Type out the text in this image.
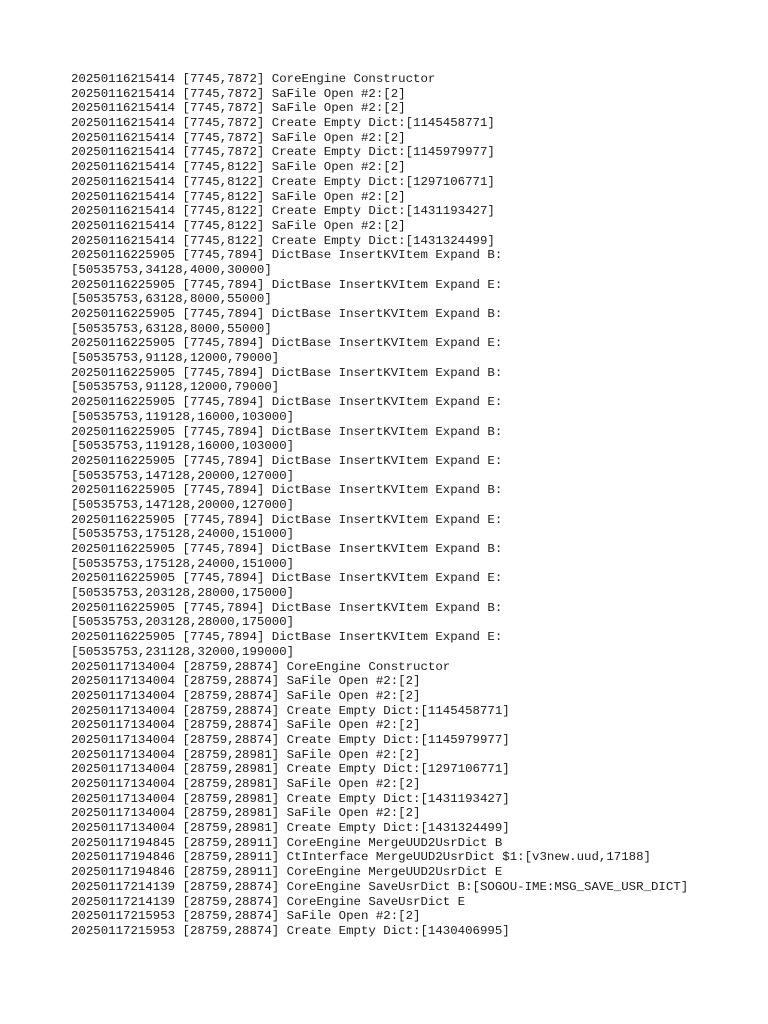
20250116215414 [7745,7872] CoreEngine Constructor
20250116215414 [7745,7872] SaFile Open #2:[2]
20250116215414 [7745,7872] SaFile Open #2:[2]
20250116215414 [7745,7872] Create Empty Dict:[1145458771]
20250116215414 [7745,7872] SaFile Open #2:[2]
20250116215414 [7745,7872] Create Empty Dict:[1145979977]
20250116215414 [7745,8122] SaFile Open #2:[2]
20250116215414 [7745,8122] Create Empty Dict:[1297106771]
20250116215414 [7745,8122] SaFile Open #2:[2]
20250116215414 [7745,8122] Create Empty Dict:[1431193427]
20250116215414 [7745,8122] SaFile Open #2:[2]
20250116215414 [7745,8122] Create Empty Dict:[1431324499]
20250116225905 [7745,7894] DictBase InsertKVItem Expand B:
[50535753,34128,4000,30000]
20250116225905 [7745,7894] DictBase InsertKVItem Expand E:
[50535753,63128,8000,55000]
20250116225905 [7745,7894] DictBase InsertKVItem Expand B:
[50535753,63128,8000,55000]
20250116225905 [7745,7894] DictBase InsertKVItem Expand E:
[50535753,91128,12000,79000]
20250116225905 [7745,7894] DictBase InsertKVItem Expand B:
[50535753,91128,12000,79000]
20250116225905 [7745,7894] DictBase InsertKVItem Expand E:
[50535753,119128,16000,103000]
20250116225905 [7745,7894] DictBase InsertKVItem Expand B:
[50535753,119128,16000,103000]
20250116225905 [7745,7894] DictBase InsertKVItem Expand E:
[50535753,147128,20000,127000]
20250116225905 [7745,7894] DictBase InsertKVItem Expand B:
[50535753,147128,20000,127000]
20250116225905 [7745,7894] DictBase InsertKVItem Expand E:
[50535753,175128,24000,151000]
20250116225905 [7745,7894] DictBase InsertKVItem Expand B:
[50535753,175128,24000,151000]
20250116225905 [7745,7894] DictBase InsertKVItem Expand E:
[50535753,203128,28000,175000]
20250116225905 [7745,7894] DictBase InsertKVItem Expand B:
[50535753,203128,28000,175000]
20250116225905 [7745,7894] DictBase InsertKVItem Expand E:
[50535753,231128,32000,199000]
20250117134004 [28759,28874] CoreEngine Constructor
20250117134004 [28759,28874] SaFile Open #2:[2]
20250117134004 [28759,28874] SaFile Open #2:[2]
20250117134004 [28759,28874] Create Empty Dict:[1145458771]
20250117134004 [28759,28874] SaFile Open #2:[2]
20250117134004 [28759,28874] Create Empty Dict:[1145979977]
20250117134004 [28759,28981] SaFile Open #2:[2]
20250117134004 [28759,28981] Create Empty Dict:[1297106771]
20250117134004 [28759,28981] SaFile Open #2:[2]
20250117134004 [28759,28981] Create Empty Dict:[1431193427]
20250117134004 [28759,28981] SaFile Open #2:[2]
20250117134004 [28759,28981] Create Empty Dict:[1431324499]
20250117194845 [28759,28911] CoreEngine MergeUUD2UsrDict B
20250117194846 [28759,28911] CtInterface MergeUUD2UsrDict $1:[v3new.uud,17188]
20250117194846 [28759,28911] CoreEngine MergeUUD2UsrDict E
20250117214139 [28759,28874] CoreEngine SaveUsrDict B:[SOGOU-IME:MSG_SAVE_USR_DICT]
20250117214139 [28759,28874] CoreEngine SaveUsrDict E
20250117215953 [28759,28874] SaFile Open #2:[2]
20250117215953 [28759,28874] Create Empty Dict:[1430406995]
